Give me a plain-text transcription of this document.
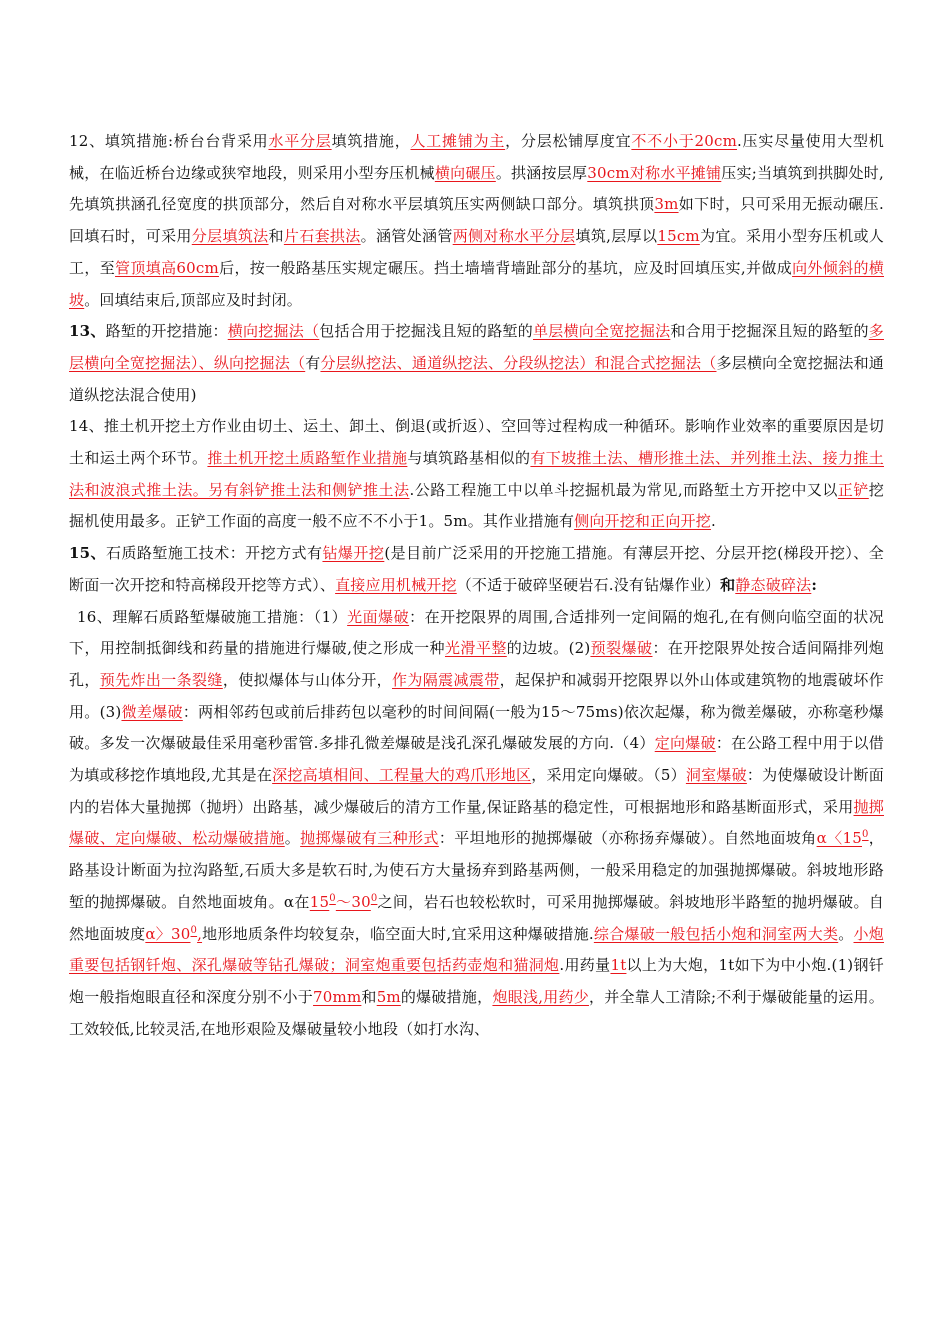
12、填筑措施:桥台台背采用水平分层填筑措施，人工摊铺为主，分层松铺厚度宜不不小于20cm.压实尽量使用大型机械，在临近桥台边缘或狭窄地段，则采用小型夯压机械横向碾压。拱涵按层厚30cm对称水平摊铺压实;当填筑到拱脚处时,先填筑拱涵孔径宽度的拱顶部分，然后自对称水平层填筑压实两侧缺口部分。填筑拱顶3m如下时，只可采用无振动碾压.回填石时，可采用分层填筑法和片石套拱法。涵管处涵管两侧对称水平分层填筑,层厚以15cm为宜。采用小型夯压机或人工，至管顶填高60cm后，按一般路基压实规定碾压。挡土墙墙背墙趾部分的基坑，应及时回填压实,并做成向外倾斜的横坡。回填结束后,顶部应及时封闭。

13、路堑的开挖措施：横向挖掘法（包括合用于挖掘浅且短的路堑的单层横向全宽挖掘法和合用于挖掘深且短的路堑的多层横向全宽挖掘法）、纵向挖掘法（有分层纵挖法、通道纵挖法、分段纵挖法）和混合式挖掘法（多层横向全宽挖掘法和通道纵挖法混合使用)

14、推土机开挖土方作业由切土、运土、卸土、倒退(或折返）、空回等过程构成一种循环。影响作业效率的重要原因是切土和运土两个环节。推土机开挖土质路堑作业措施与填筑路基相似的有下坡推土法、槽形推土法、并列推土法、接力推土法和波浪式推土法。另有斜铲推土法和侧铲推土法.公路工程施工中以单斗挖掘机最为常见,而路堑土方开挖中又以正铲挖掘机使用最多。正铲工作面的高度一般不应不不小于1。5m。其作业措施有侧向开挖和正向开挖.

15、石质路堑施工技术：开挖方式有钻爆开挖(是目前广泛采用的开挖施工措施。有薄层开挖、分层开挖(梯段开挖）、全断面一次开挖和特高梯段开挖等方式）、直接应用机械开挖（不适于破碎坚硬岩石.没有钻爆作业）和静态破碎法:

16、理解石质路堑爆破施工措施：（1）光面爆破：在开挖限界的周围,合适排列一定间隔的炮孔,在有侧向临空面的状况下，用控制抵御线和药量的措施进行爆破,使之形成一种光滑平整的边坡。(2)预裂爆破：在开挖限界处按合适间隔排列炮孔，预先炸出一条裂缝，使拟爆体与山体分开，作为隔震减震带，起保护和减弱开挖限界以外山体或建筑物的地震破坏作用。(3)微差爆破：两相邻药包或前后排药包以毫秒的时间间隔(一般为15～75ms)依次起爆，称为微差爆破，亦称毫秒爆破。多发一次爆破最佳采用毫秒雷管.多排孔微差爆破是浅孔深孔爆破发展的方向.（4）定向爆破：在公路工程中用于以借为填或移挖作填地段,尤其是在深挖高填相间、工程量大的鸡爪形地区，采用定向爆破。（5）洞室爆破：为使爆破设计断面内的岩体大量抛掷（抛坍）出路基，减少爆破后的清方工作量,保证路基的稳定性，可根据地形和路基断面形式，采用抛掷爆破、定向爆破、松动爆破措施。抛掷爆破有三种形式：平坦地形的抛掷爆破（亦称扬弃爆破）。自然地面坡角α〈$15^0$，路基设计断面为拉沟路堑,石质大多是软石时,为使石方大量扬弃到路基两侧，一般采用稳定的加强抛掷爆破。斜坡地形路堑的抛掷爆破。自然地面坡角。α在$15^0\sim 30^0$之间，岩石也较松软时，可采用抛掷爆破。斜坡地形半路堑的抛坍爆破。自然地面坡度α〉$30^0$,地形地质条件均较复杂，临空面大时,宜采用这种爆破措施.综合爆破一般包括小炮和洞室两大类。小炮重要包括钢钎炮、深孔爆破等钻孔爆破；洞室炮重要包括药壶炮和猫洞炮.用药量1t以上为大炮，1t如下为中小炮.(1)钢钎炮一般指炮眼直径和深度分别不小于70mm和5m的爆破措施，炮眼浅,用药少，并全靠人工清除;不利于爆破能量的运用。工效较低,比较灵活,在地形艰险及爆破量较小地段（如打水沟、
